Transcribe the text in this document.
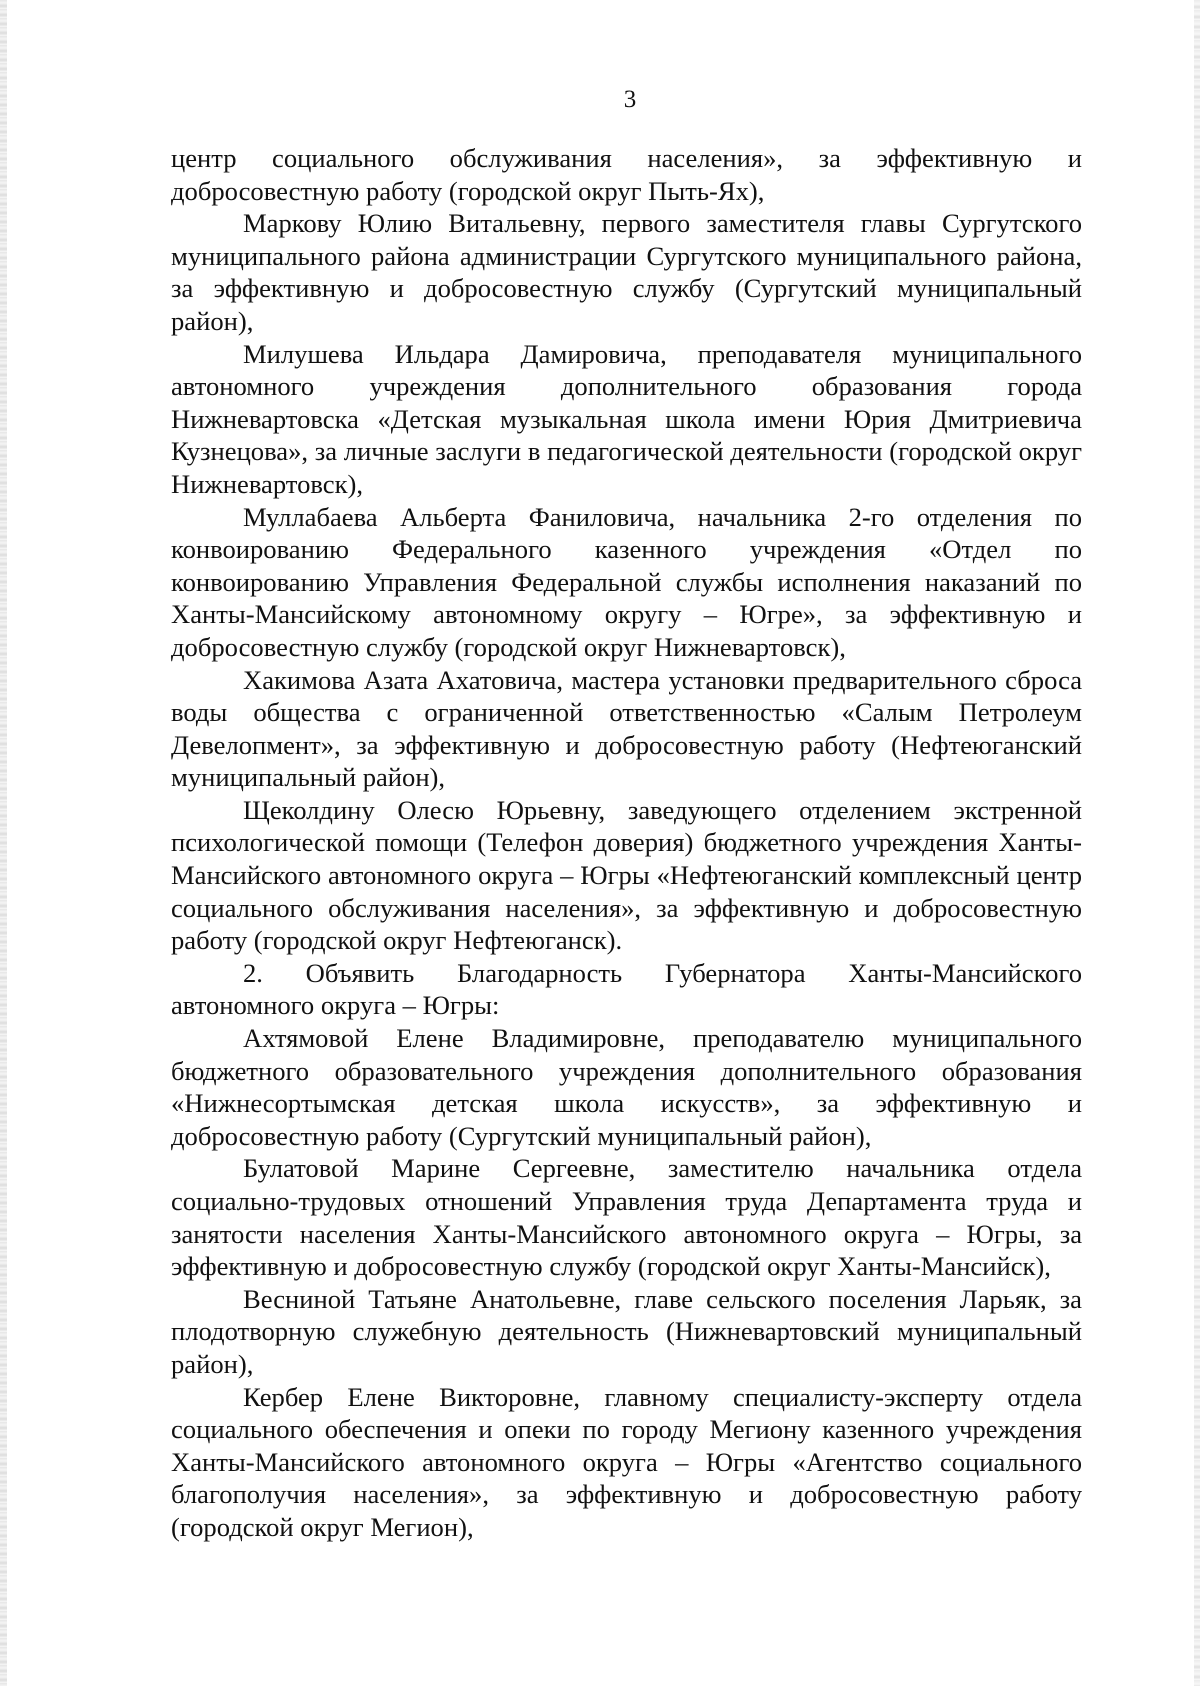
3

центр социального обслуживания населения», за эффективную и добросовестную работу (городской округ Пыть-Ях),

Маркову Юлию Витальевну, первого заместителя главы Сургутского муниципального района администрации Сургутского муниципального района, за эффективную и добросовестную службу (Сургутский муниципальный район),

Милушева Ильдара Дамировича, преподавателя муниципального автономного учреждения дополнительного образования города Нижневартовска «Детская музыкальная школа имени Юрия Дмитриевича Кузнецова», за личные заслуги в педагогической деятельности (городской округ Нижневартовск),

Муллабаева Альберта Фаниловича, начальника 2-го отделения по конвоированию Федерального казенного учреждения «Отдел по конвоированию Управления Федеральной службы исполнения наказаний по Ханты-Мансийскому автономному округу – Югре», за эффективную и добросовестную службу (городской округ Нижневартовск),

Хакимова Азата Ахатовича, мастера установки предварительного сброса воды общества с ограниченной ответственностью «Салым Петролеум Девелопмент», за эффективную и добросовестную работу (Нефтеюганский муниципальный район),

Щеколдину Олесю Юрьевну, заведующего отделением экстренной психологической помощи (Телефон доверия) бюджетного учреждения Ханты-Мансийского автономного округа – Югры «Нефтеюганский комплексный центр социального обслуживания населения», за эффективную и добросовестную работу (городской округ Нефтеюганск).

2. Объявить Благодарность Губернатора Ханты-Мансийского автономного округа – Югры:

Ахтямовой Елене Владимировне, преподавателю муниципального бюджетного образовательного учреждения дополнительного образования «Нижнесортымская детская школа искусств», за эффективную и добросовестную работу (Сургутский муниципальный район),

Булатовой Марине Сергеевне, заместителю начальника отдела социально-трудовых отношений Управления труда Департамента труда и занятости населения Ханты-Мансийского автономного округа – Югры, за эффективную и добросовестную службу (городской округ Ханты-Мансийск),

Весниной Татьяне Анатольевне, главе сельского поселения Ларьяк, за плодотворную служебную деятельность (Нижневартовский муниципальный район),

Кербер Елене Викторовне, главному специалисту-эксперту отдела социального обеспечения и опеки по городу Мегиону казенного учреждения Ханты-Мансийского автономного округа – Югры «Агентство социального благополучия населения», за эффективную и добросовестную работу (городской округ Мегион),
